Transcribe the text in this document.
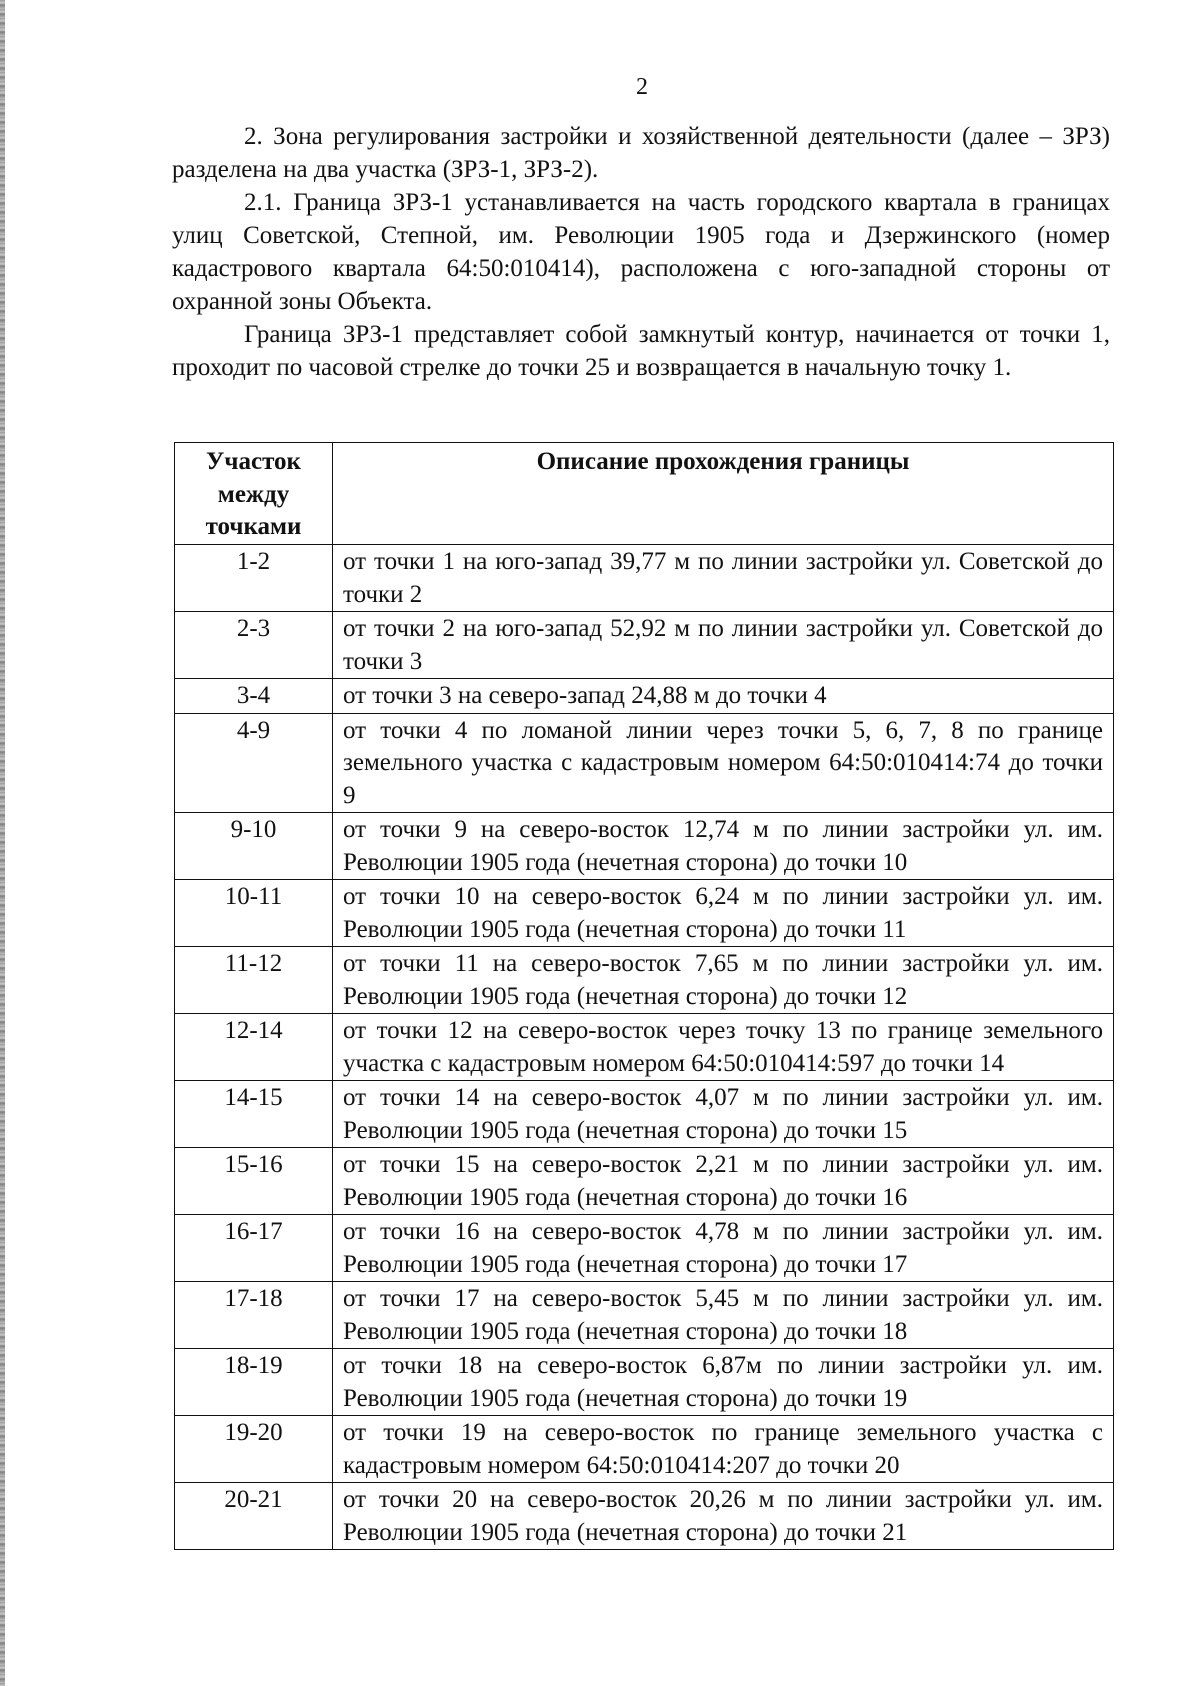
2

2. Зона регулирования застройки и хозяйственной деятельности (далее – ЗРЗ) разделена на два участка (ЗРЗ-1, ЗРЗ-2).

2.1. Граница ЗРЗ-1 устанавливается на часть городского квартала в границах улиц Советской, Степной, им. Революции 1905 года и Дзержинского (номер кадастрового квартала 64:50:010414), расположена с юго-западной стороны от охранной зоны Объекта.

Граница ЗРЗ-1 представляет собой замкнутый контур, начинается от точки 1, проходит по часовой стрелке до точки 25 и возвращается в начальную точку 1.

Участок между точками	Описание прохождения границы
1-2	от точки 1 на юго-запад 39,77 м по линии застройки ул. Советской до точки 2
2-3	от точки 2 на юго-запад 52,92 м по линии застройки ул. Советской до точки 3
3-4	от точки 3 на северо-запад 24,88 м до точки 4
4-9	от точки 4 по ломаной линии через точки 5, 6, 7, 8 по границе земельного участка с кадастровым номером 64:50:010414:74 до точки 9
9-10	от точки 9 на северо-восток 12,74 м по линии застройки ул. им. Революции 1905 года (нечетная сторона) до точки 10
10-11	от точки 10 на северо-восток 6,24 м по линии застройки ул. им. Революции 1905 года (нечетная сторона) до точки 11
11-12	от точки 11 на северо-восток 7,65 м по линии застройки ул. им. Революции 1905 года (нечетная сторона) до точки 12
12-14	от точки 12 на северо-восток через точку 13 по границе земельного участка с кадастровым номером 64:50:010414:597 до точки 14
14-15	от точки 14 на северо-восток 4,07 м по линии застройки ул. им. Революции 1905 года (нечетная сторона) до точки 15
15-16	от точки 15 на северо-восток 2,21 м по линии застройки ул. им. Революции 1905 года (нечетная сторона) до точки 16
16-17	от точки 16 на северо-восток 4,78 м по линии застройки ул. им. Революции 1905 года (нечетная сторона) до точки 17
17-18	от точки 17 на северо-восток 5,45 м по линии застройки ул. им. Революции 1905 года (нечетная сторона) до точки 18
18-19	от точки 18 на северо-восток 6,87м по линии застройки ул. им. Революции 1905 года (нечетная сторона) до точки 19
19-20	от точки 19 на северо-восток по границе земельного участка с кадастровым номером 64:50:010414:207 до точки 20
20-21	от точки 20 на северо-восток 20,26 м по линии застройки ул. им. Революции 1905 года (нечетная сторона) до точки 21
